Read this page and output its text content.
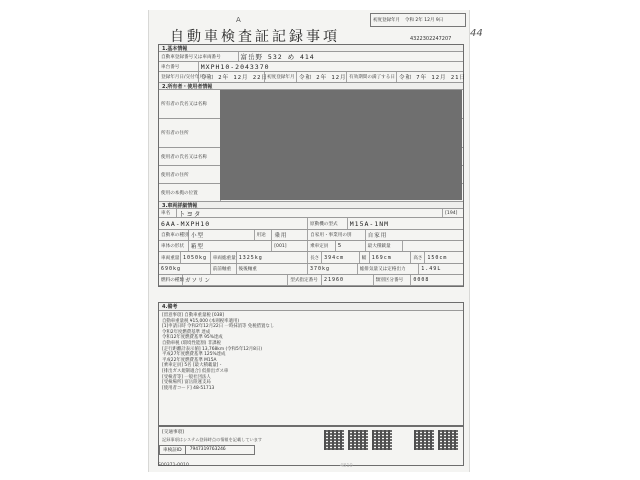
A
自動車検査証記録事項
初度登録年月 令和 2年 12月 9日
4322302247207 44
1.基本情報
自動車登録番号又は車両番号	富岳野 532 め 414
車台番号	MXPH10-2043370
登録年月日/交付年月日
令和 2年 12月 22日 初度登録年月 令和 2年 12月 有効期間の満了する日 令和 7年 12月 21日
2.所有者・使用者情報
所有者の氏名又は名称
所有者の住所
使用者の氏名又は名称
使用者の住所
使用の本拠の位置
3.車両詳細情報
車名	トヨタ	[194]
6AA-MXPH10	原動機の型式	M15A-1NM
自動車の種別 小型	用途	乗用	自家用・事業用の別	自家用
車体の形状	箱型	[001]	乗車定員	5	最大積載量
車両重量 1050kg	車両総重量 1325kg	長さ 394cm	幅	169cm	高さ 150cm
690kg	前前軸重	後後軸重	370kg	総排気量又は定格出力	1.49L
燃料の種類 ガソリン	型式指定番号	21960	類別区分番号	0008
4.備考
[留意事項] 自動車重量税 [038]
自動車重量税 ¥15,000 (本則税率適用)
[1]申請日時 令和2年12月22日 一時抹消等 免税措置なし
令和2年度燃費基準 達成
令和12年度燃費基準 95%達成
自動車税 (環境性能割) 非課税
[走行距離計表示値] 13,768km (令和5年12月8日)
平成27年度燃費基準 125%達成
平成22年度燃費基準 M15A
[乗車定員] 5名 [最大積載量] -
[排出ガス規制適合] 低排出ガス車
[受検者等] 一般社団法人
[受検場所] 富岳陸運支局
[使用者コード] 48-51713
[交通事項]
記録事項はシステム登録時点の情報を記載しています
車検証ID	7947319763246
S00371-0010	4810
